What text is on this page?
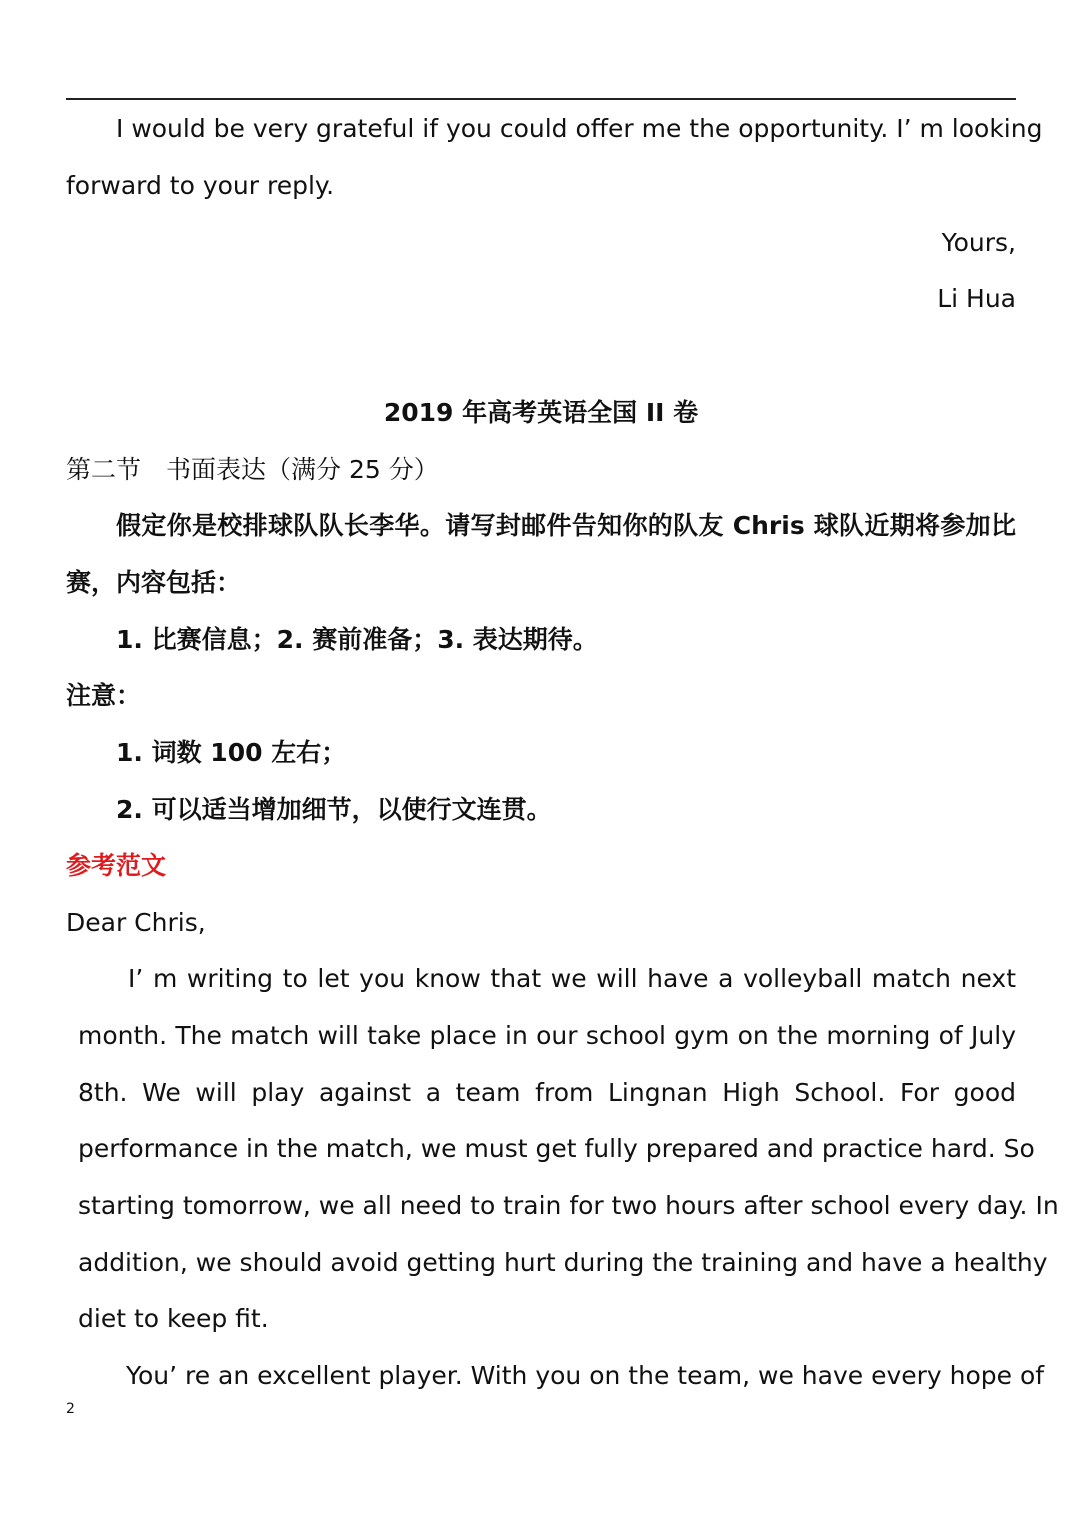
I would be very grateful if you could offer me the opportunity. I’ m looking
forward to your reply.
Yours,
Li Hua
2019 年高考英语全国 II 卷
第二节　书面表达（满分 25 分）
假定你是校排球队队长李华。请写封邮件告知你的队友 Chris 球队近期将参加比
赛，内容包括：
1. 比赛信息；2. 赛前准备；3. 表达期待。
注意：
1. 词数 100 左右；
2. 可以适当增加细节，以使行文连贯。
参考范文
Dear Chris,
I’ m writing to let you know that we will have a volleyball match next
month. The match will take place in our school gym on the morning of July
8th. We will play against a team from Lingnan High School. For good
performance in the match, we must get fully prepared and practice hard. So
starting tomorrow, we all need to train for two hours after school every day. In
addition, we should avoid getting hurt during the training and have a healthy
diet to keep fit.
You’ re an excellent player. With you on the team, we have every hope of
2
